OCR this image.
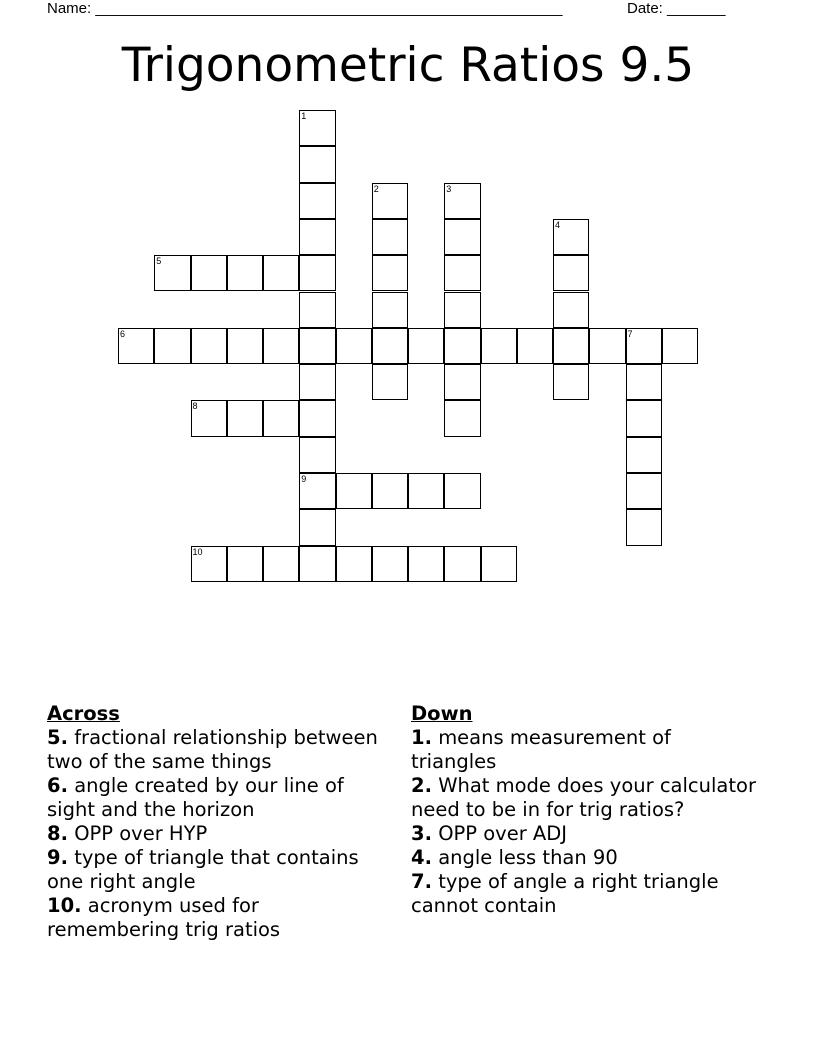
Name: ________________________________________________________	Date: _______
Trigonometric Ratios 9.5
1
9
2	3
4
5
6	7
8
10
Across
5. fractional relationship between two of the same things
6. angle created by our line of sight and the horizon
8. OPP over HYP
9. type of triangle that contains one right angle
10. acronym used for remembering trig ratios
Down
1. means measurement of triangles
2. What mode does your calculator need to be in for trig ratios?
3. OPP over ADJ
4. angle less than 90
7. type of angle a right triangle cannot contain
